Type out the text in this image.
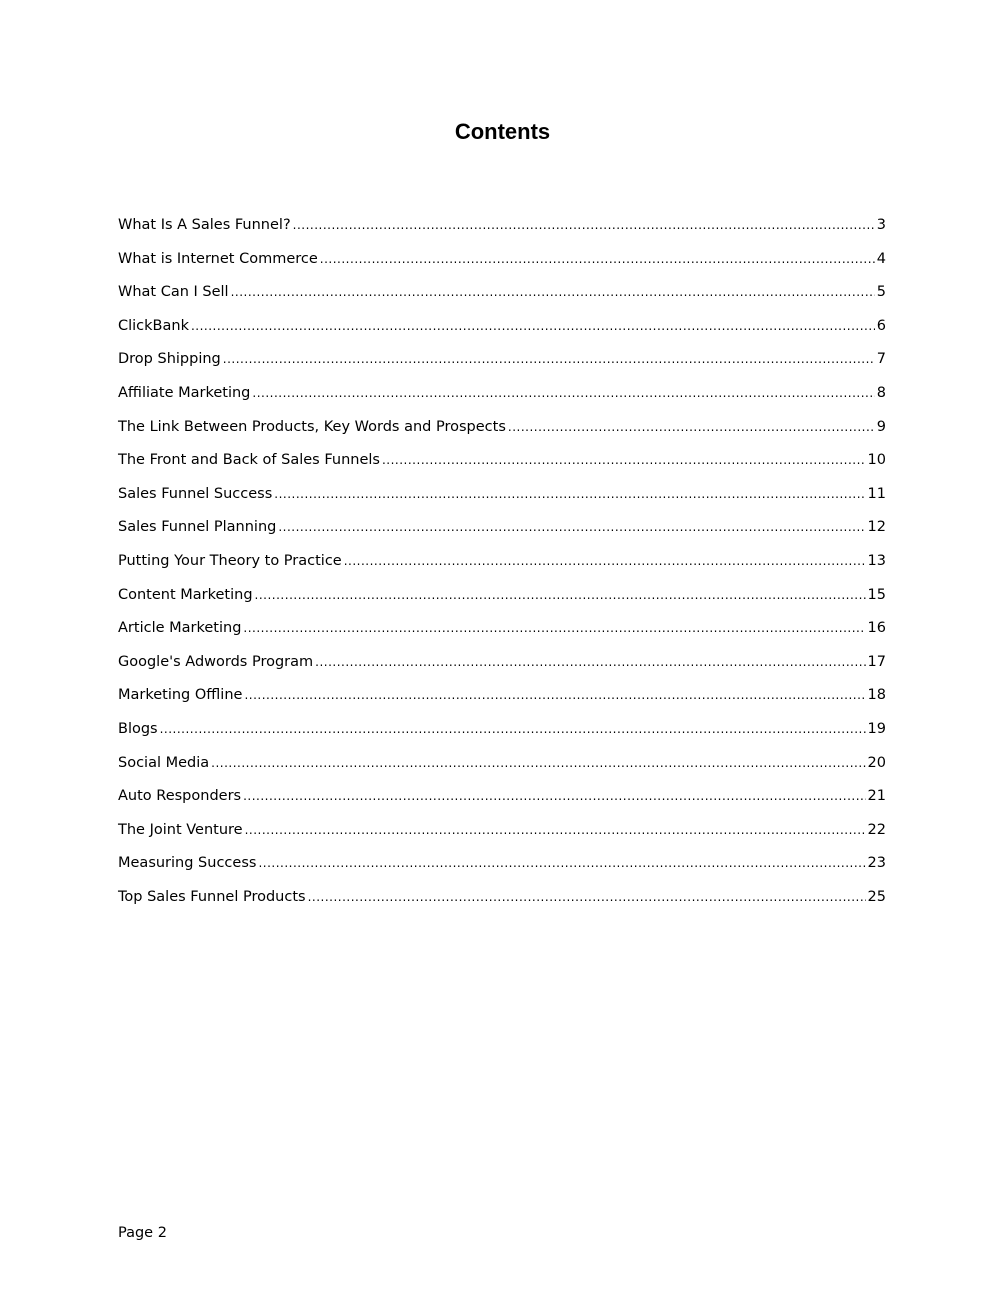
Contents
What Is A Sales Funnel? .....	3
What is Internet Commerce .....	4
What Can I Sell .....	5
ClickBank .....	6
Drop Shipping .....	7
Affiliate Marketing .....	8
The Link Between Products, Key Words and Prospects .....	9
The Front and Back of Sales Funnels .....	10
Sales Funnel Success .....	11
Sales Funnel Planning .....	12
Putting Your Theory to Practice .....	13
Content Marketing .....	15
Article Marketing .....	16
Google's Adwords Program .....	17
Marketing Offline .....	18
Blogs .....	19
Social Media .....	20
Auto Responders .....	21
The Joint Venture .....	22
Measuring Success .....	23
Top Sales Funnel Products .....	25
Page 2
